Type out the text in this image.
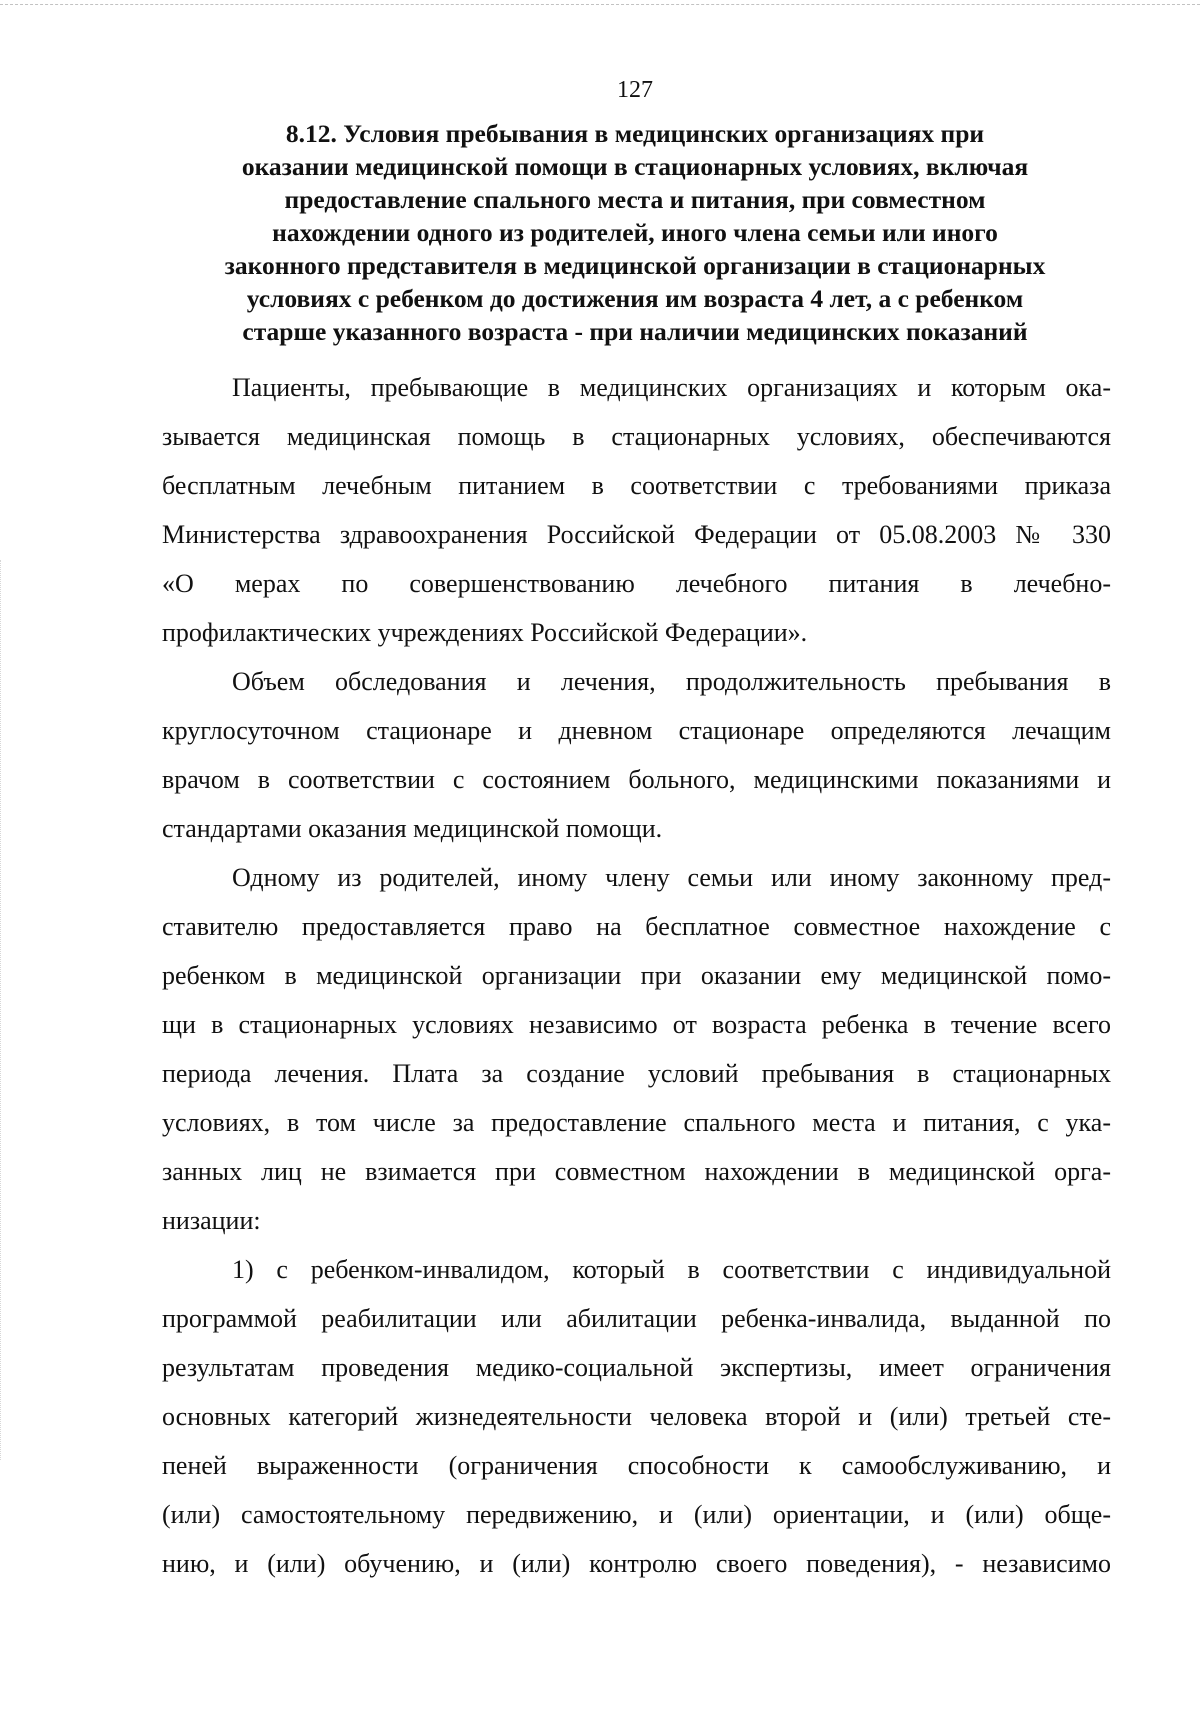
127
8.12. Условия пребывания в медицинских организациях при
оказании медицинской помощи в стационарных условиях, включая
предоставление спального места и питания, при совместном
нахождении одного из родителей, иного члена семьи или иного
законного представителя в медицинской организации в стационарных
условиях с ребенком до достижения им возраста 4 лет, а с ребенком
старше указанного возраста - при наличии медицинских показаний
Пациенты, пребывающие в медицинских организациях и которым ока-
зывается медицинская помощь в стационарных условиях, обеспечиваются
бесплатным лечебным питанием в соответствии с требованиями приказа
Министерства здравоохранения Российской Федерации от 05.08.2003 № 330
«О мерах по совершенствованию лечебного питания в лечебно-
профилактических учреждениях Российской Федерации».
Объем обследования и лечения, продолжительность пребывания в
круглосуточном стационаре и дневном стационаре определяются лечащим
врачом в соответствии с состоянием больного, медицинскими показаниями и
стандартами оказания медицинской помощи.
Одному из родителей, иному члену семьи или иному законному пред-
ставителю предоставляется право на бесплатное совместное нахождение с
ребенком в медицинской организации при оказании ему медицинской помо-
щи в стационарных условиях независимо от возраста ребенка в течение всего
периода лечения. Плата за создание условий пребывания в стационарных
условиях, в том числе за предоставление спального места и питания, с ука-
занных лиц не взимается при совместном нахождении в медицинской орга-
низации:
1) с ребенком-инвалидом, который в соответствии с индивидуальной
программой реабилитации или абилитации ребенка-инвалида, выданной по
результатам проведения медико-социальной экспертизы, имеет ограничения
основных категорий жизнедеятельности человека второй и (или) третьей сте-
пеней выраженности (ограничения способности к самообслуживанию, и
(или) самостоятельному передвижению, и (или) ориентации, и (или) обще-
нию, и (или) обучению, и (или) контролю своего поведения), - независимо
